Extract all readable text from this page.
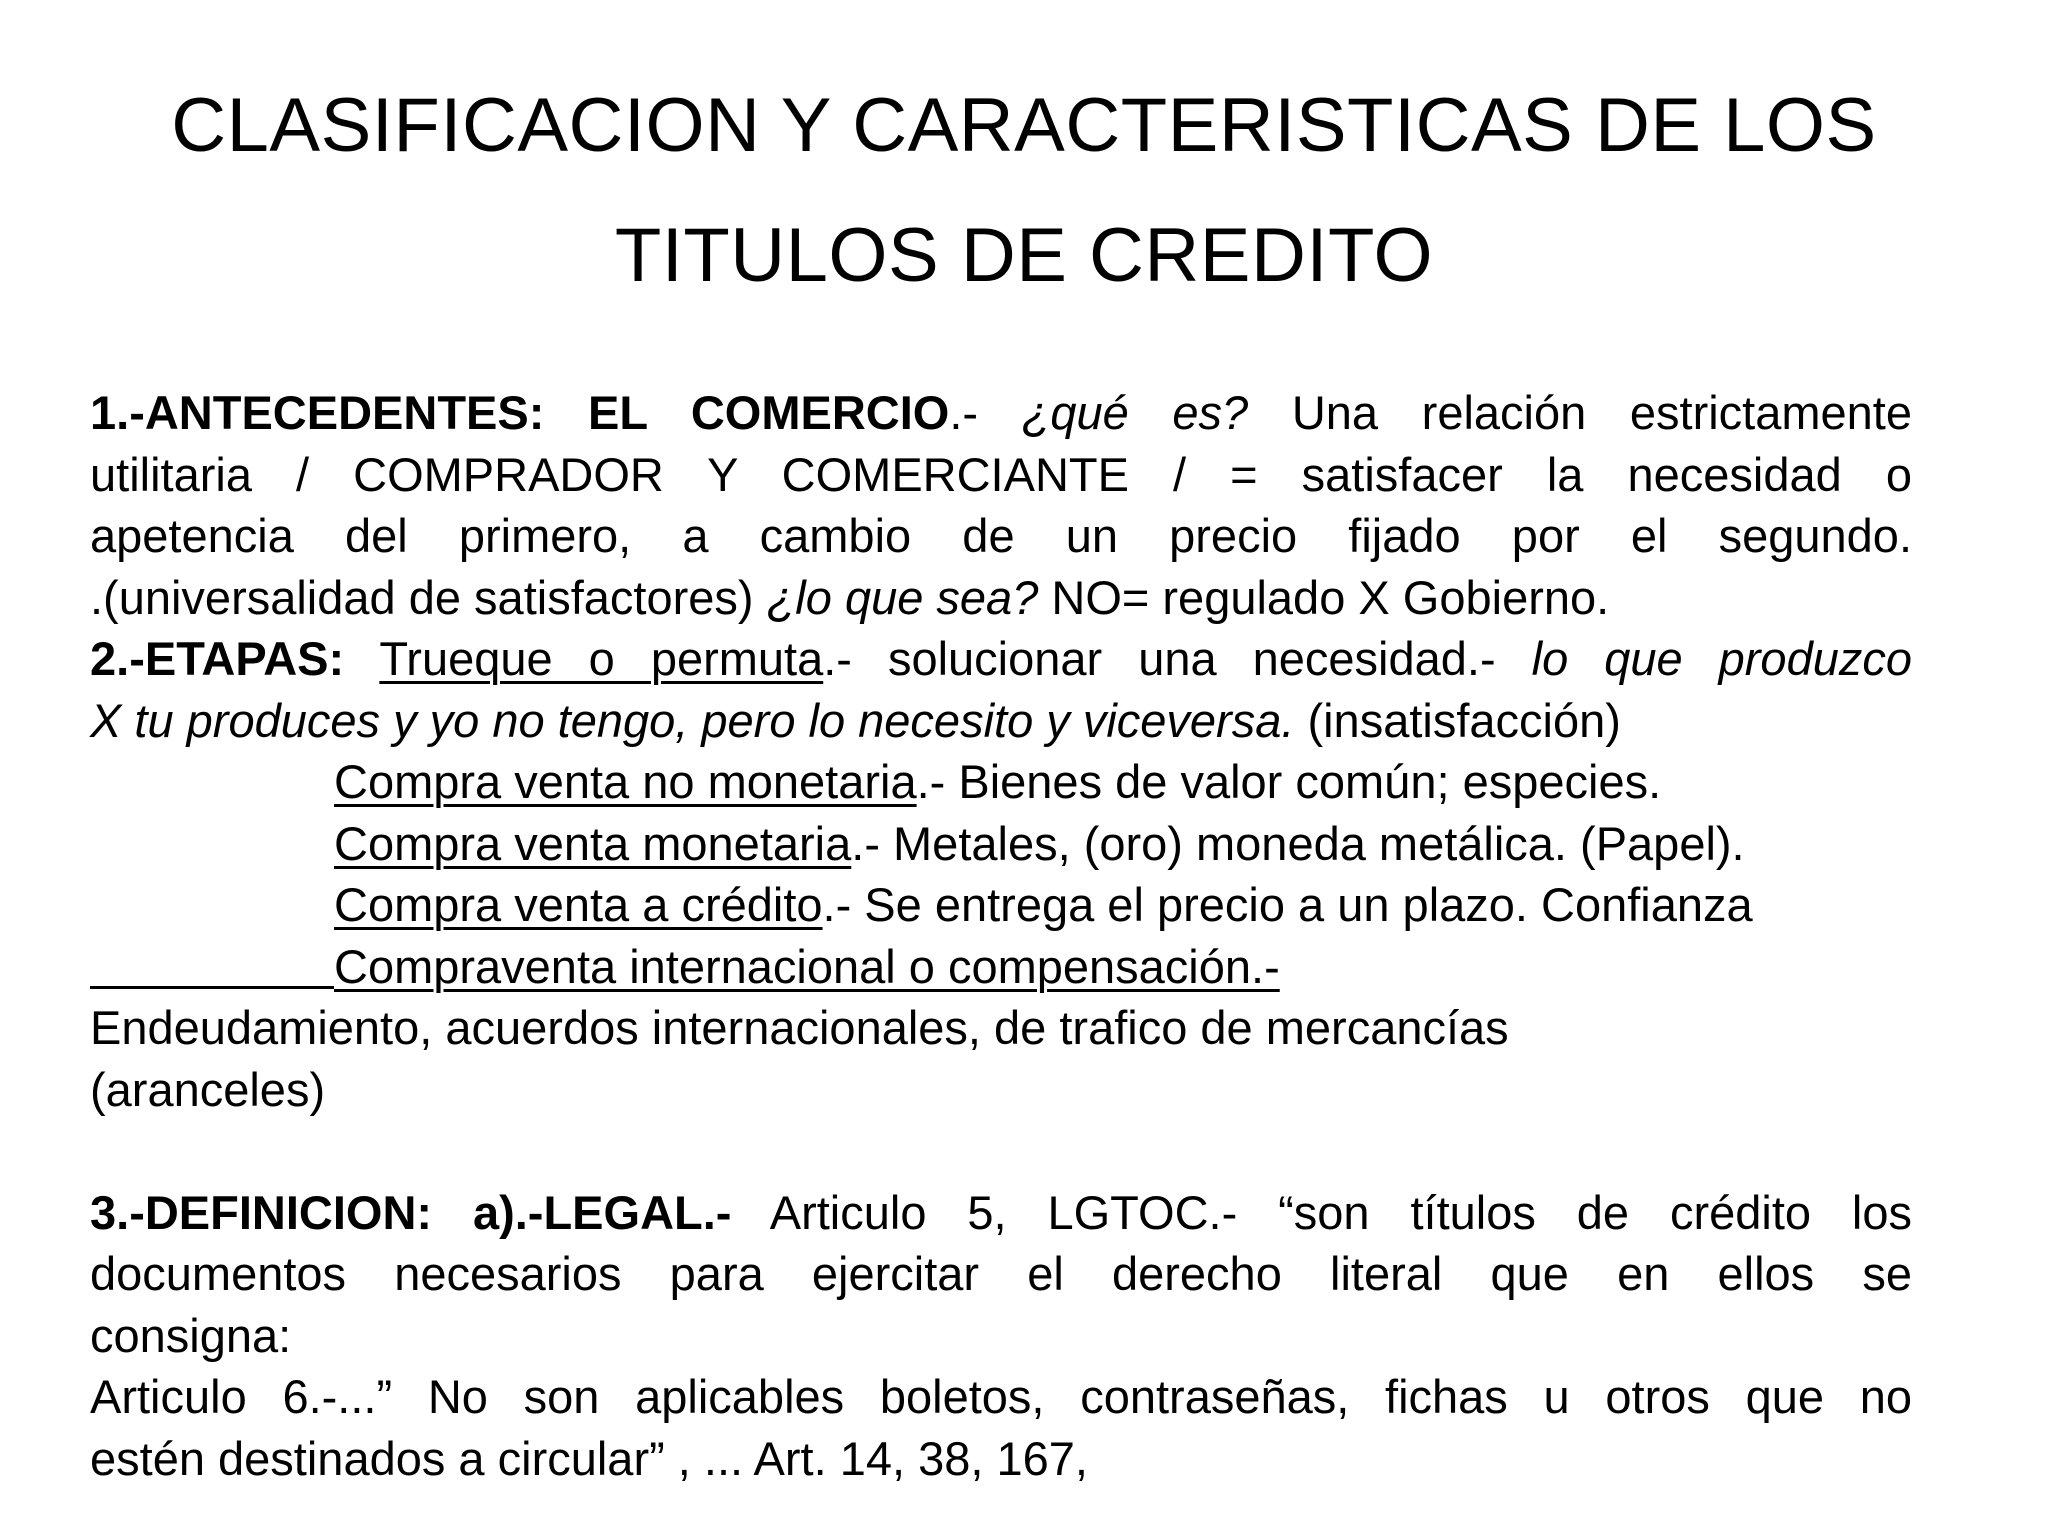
CLASIFICACION Y CARACTERISTICAS DE LOS
TITULOS DE CREDITO
1.-ANTECEDENTES: EL COMERCIO.- ¿qué es? Una relación estrictamente
utilitaria / COMPRADOR Y COMERCIANTE / = satisfacer la necesidad o
apetencia del primero, a cambio de un precio fijado por el segundo.
.(universalidad de satisfactores) ¿lo que sea? NO= regulado X Gobierno.
2.-ETAPAS: Trueque o permuta.- solucionar una necesidad.- lo que produzco
X tu produces y yo no tengo, pero lo necesito y viceversa. (insatisfacción)
Compra venta no monetaria.- Bienes de valor común; especies.
Compra venta monetaria.- Metales, (oro) moneda metálica. (Papel).
Compra venta a crédito.- Se entrega el precio a un plazo. Confianza
Compraventa internacional o compensación.-
Endeudamiento, acuerdos internacionales, de trafico de mercancías
(aranceles)
3.-DEFINICION: a).-LEGAL.- Articulo 5, LGTOC.- “son títulos de crédito los
documentos necesarios para ejercitar el derecho literal que en ellos se
consigna:
Articulo 6.-...” No son aplicables boletos, contraseñas, fichas u otros que no
estén destinados a circular” , ... Art. 14, 38, 167,
